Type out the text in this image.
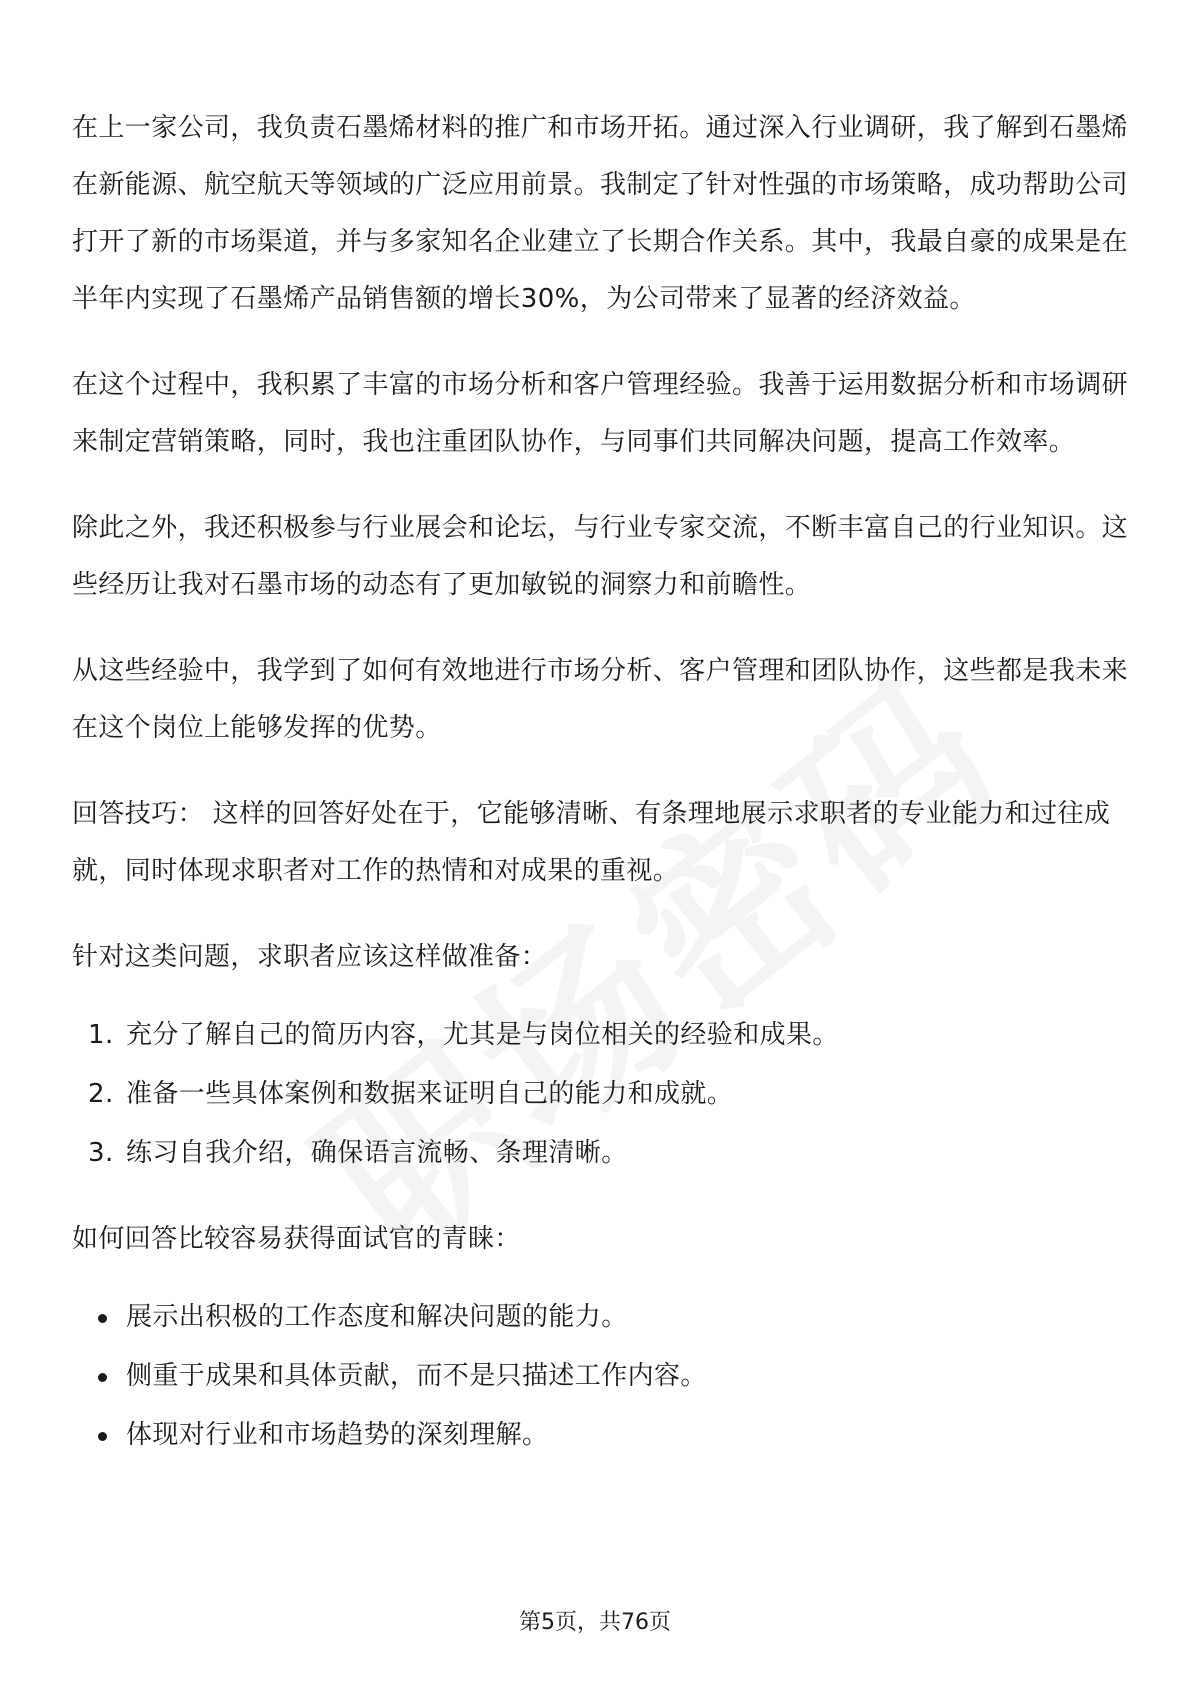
在上一家公司，我负责石墨烯材料的推广和市场开拓。通过深入行业调研，我了解到石墨烯在新能源、航空航天等领域的广泛应用前景。我制定了针对性强的市场策略，成功帮助公司打开了新的市场渠道，并与多家知名企业建立了长期合作关系。其中，我最自豪的成果是在半年内实现了石墨烯产品销售额的增长30%，为公司带来了显著的经济效益。

在这个过程中，我积累了丰富的市场分析和客户管理经验。我善于运用数据分析和市场调研来制定营销策略，同时，我也注重团队协作，与同事们共同解决问题，提高工作效率。

除此之外，我还积极参与行业展会和论坛，与行业专家交流，不断丰富自己的行业知识。这些经历让我对石墨市场的动态有了更加敏锐的洞察力和前瞻性。

从这些经验中，我学到了如何有效地进行市场分析、客户管理和团队协作，这些都是我未来在这个岗位上能够发挥的优势。

回答技巧： 这样的回答好处在于，它能够清晰、有条理地展示求职者的专业能力和过往成就，同时体现求职者对工作的热情和对成果的重视。

针对这类问题，求职者应该这样做准备：

1. 充分了解自己的简历内容，尤其是与岗位相关的经验和成果。
2. 准备一些具体案例和数据来证明自己的能力和成就。
3. 练习自我介绍，确保语言流畅、条理清晰。

如何回答比较容易获得面试官的青睐：

展示出积极的工作态度和解决问题的能力。
侧重于成果和具体贡献，而不是只描述工作内容。
体现对行业和市场趋势的深刻理解。
第5页，共76页
